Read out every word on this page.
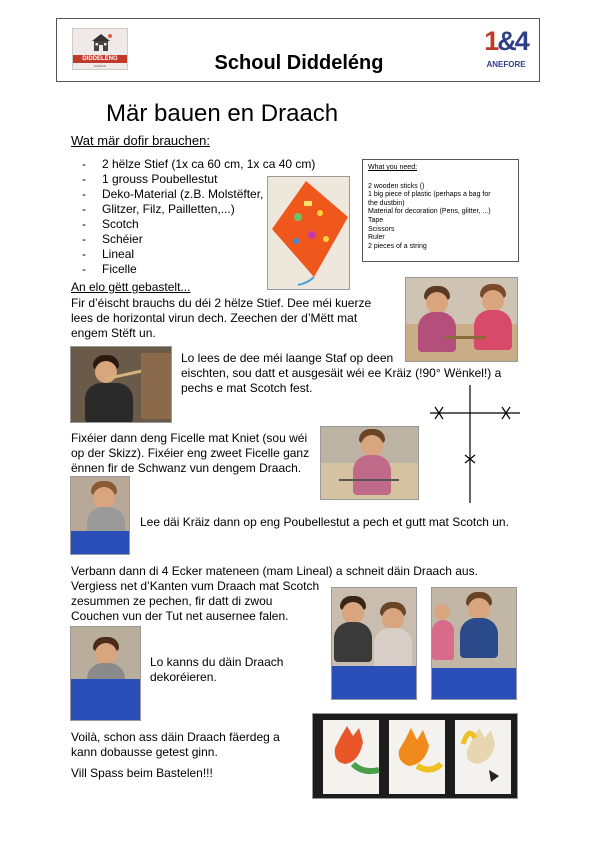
DIDDELÉNG
SCHOUL	Schoul Diddeléng
1&4
ANEFORE
Mär bauen en Draach
Wat mär dofir brauchen:
- 2 hëlze Stief (1x ca 60 cm, 1x ca 40 cm)
- 1 grouss Poubellestut
- Deko-Material (z.B. Molstëfter,
- Glitzer, Filz, Pailletten,...)
- Scotch
- Schéier
- Lineal
- Ficelle
What you need:
2 wooden sticks ()
1 big piece of plastic (perhaps a bag for
the dustbin)
Material for decoration (Pens, glitter, ...)
Tape
Scissors
Ruler
2 pieces of a string
An elo gëtt gebastelt...
Fir d’éischt brauchs du déi 2 hëlze Stief. Dee méi kuerze
lees de horizontal virun dech. Zeechen der d’Mëtt mat
engem Stëft un.
Lo lees de dee méi laange Staf op deen
eischten, sou datt et ausgesäit wéi ee Kräiz (!90° Wënkel!) a
pechs e mat Scotch fest.
Fixéier dann deng Ficelle mat Kniet (sou wéi
op der Skizz). Fixéier eng zweet Ficelle ganz
ënnen fir de Schwanz vun dengem Draach.
Lee däi Kräiz dann op eng Poubellestut a pech et gutt mat Scotch un.
Verbann dann di 4 Ecker mateneen (mam Lineal) a schneit däin Draach aus.
Vergiess net d’Kanten vum Draach mat Scotch
zesummen ze pechen, fir datt di zwou
Couchen vun der Tut net ausernee falen.
Lo kanns du däin Draach
dekoréieren.
Voilà, schon ass däin Draach fäerdeg a
kann dobausse getest ginn.
Vill Spass beim Bastelen!!!
